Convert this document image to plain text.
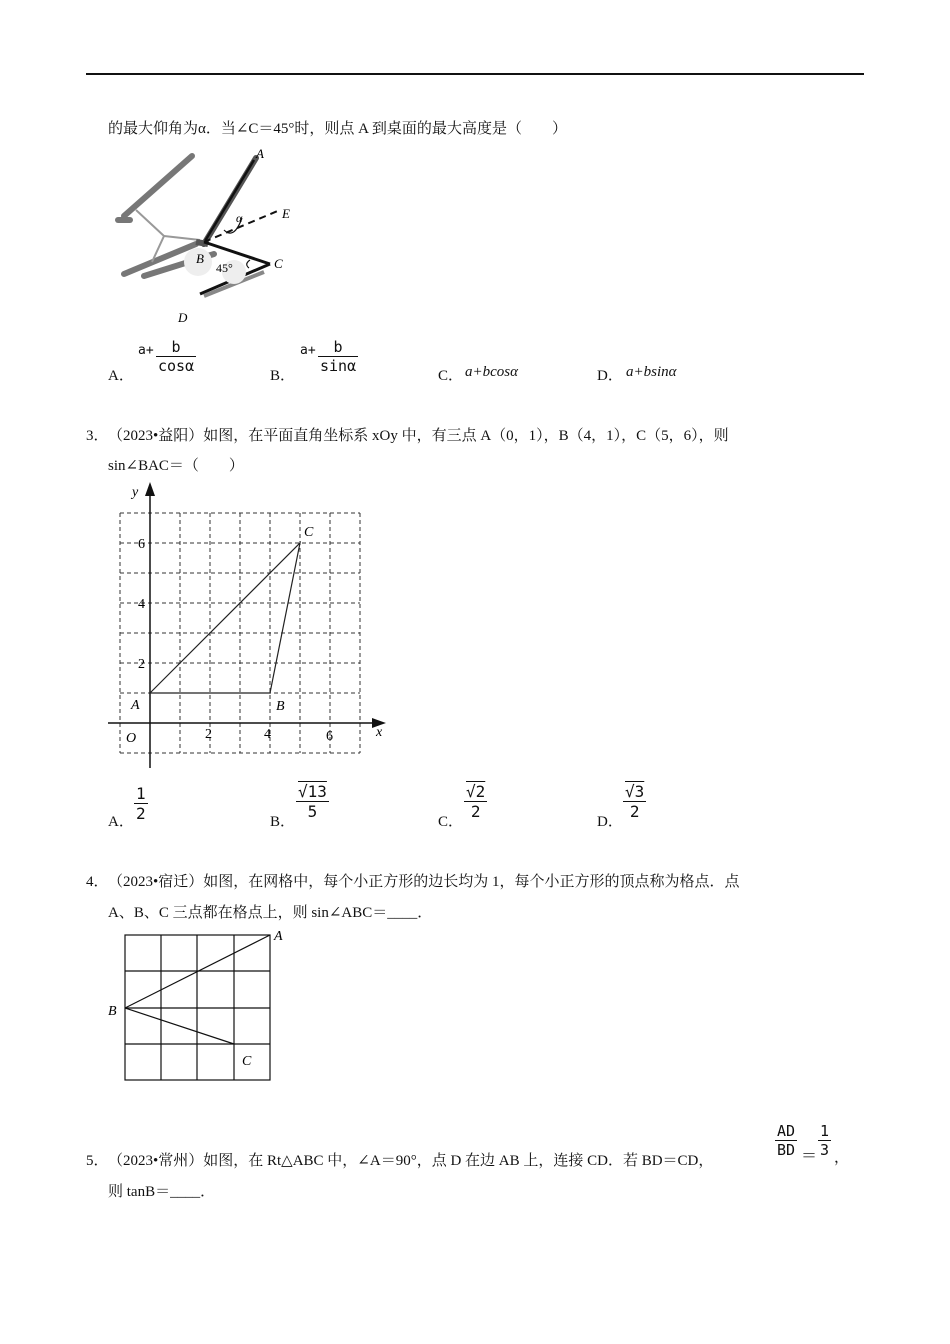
的最大仰角为α．当∠C＝45°时，则点 A 到桌面的最大高度是（　　）
A
E
α
B
45°	C
D
A．
a+	b
cosα
B．
a+	b
sinα
C． a+bcosα	D． a+bsinα
3． （2023•益阳）如图，在平面直角坐标系 xOy 中，有三点 A（0，1），B（4，1），C（5，6），则
sin∠BAC＝（　　）
y
x
O
2
4
6
2	4	6
A	B
C
A．
1
2	B．
√13
5
C．
√2
2
D．
√3
2
4． （2023•宿迁）如图，在网格中，每个小正方形的边长均为 1，每个小正方形的顶点称为格点．点
A、B、C 三点都在格点上，则 sin∠ABC＝____．
A
B
C
5． （2023•常州）如图，在 Rt△ABC 中，∠A＝90°，点 D 在边 AB 上，连接 CD．若 BD＝CD，
AD
BD ＝
1
3 ，
则 tanB＝____．
